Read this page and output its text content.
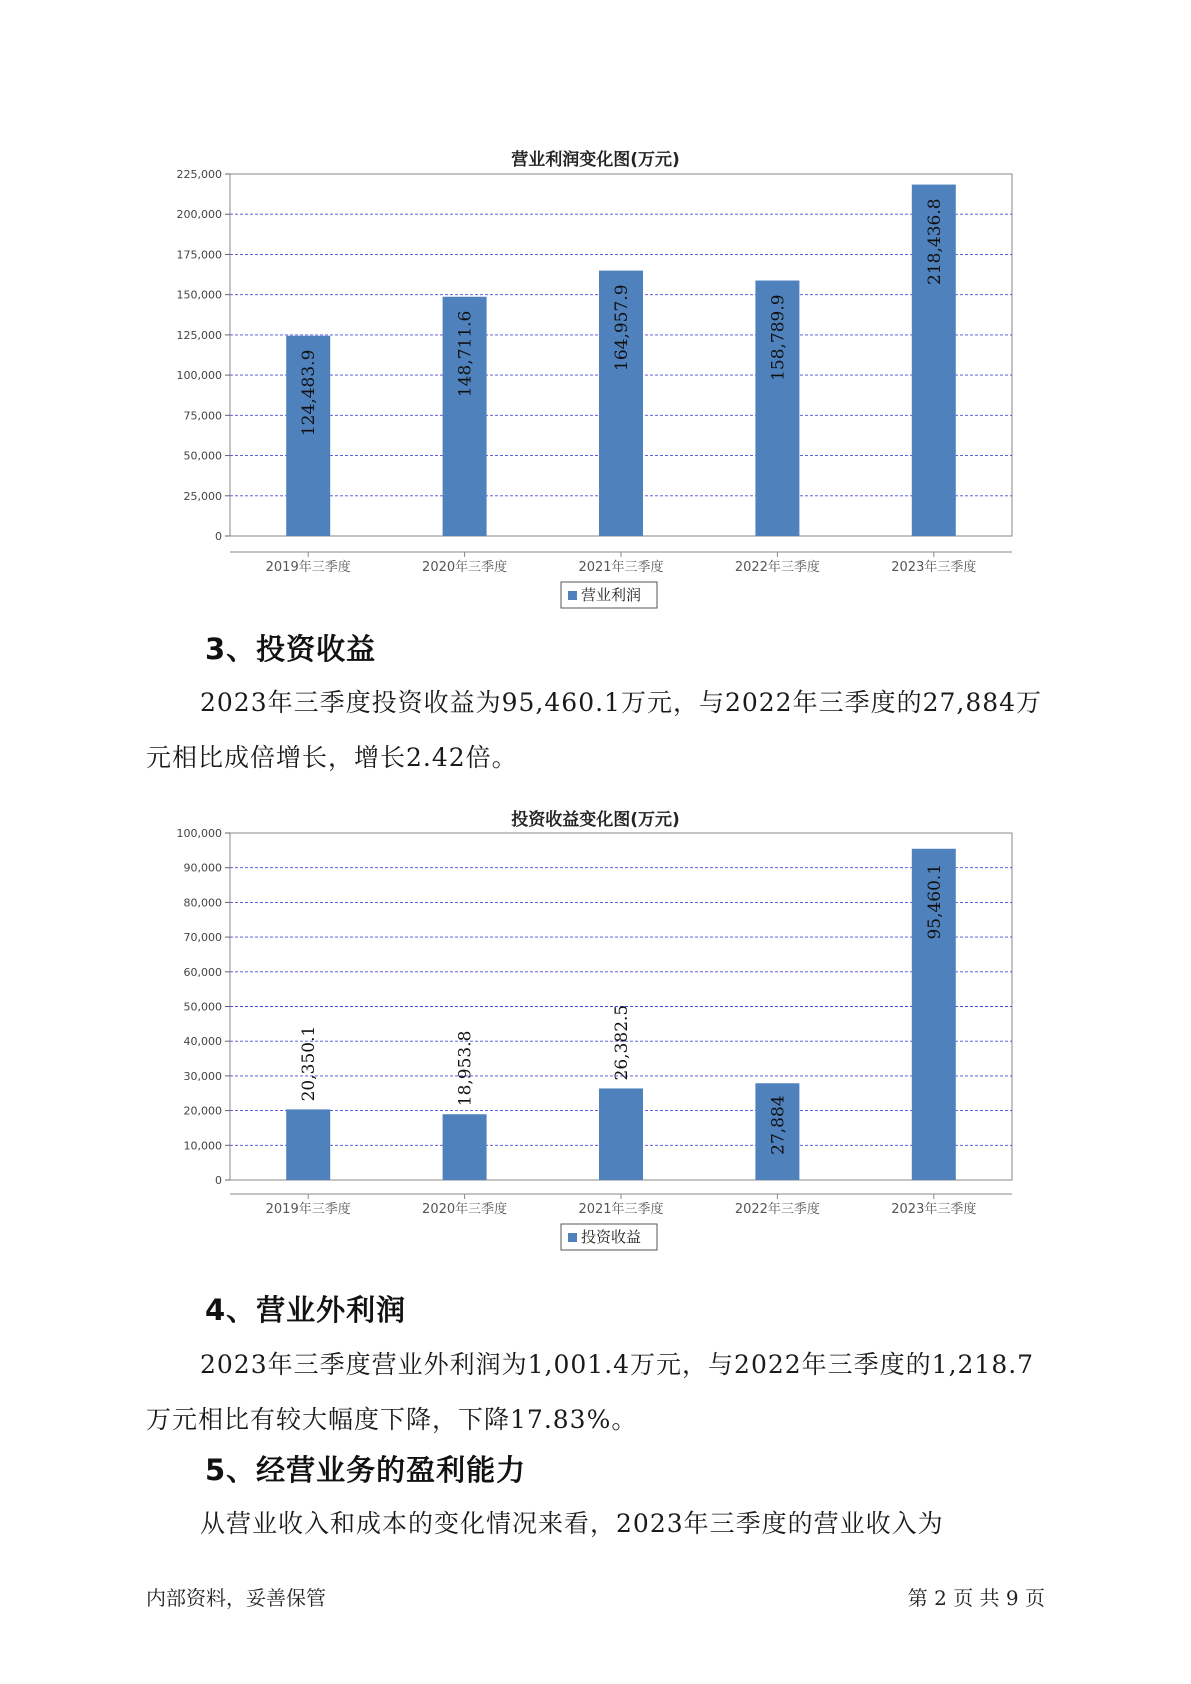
营业利润变化图(万元)
0
25,000
50,000
75,000
100,000
125,000
150,000
175,000
200,000
225,000
2019年三季度
124,483.9
2020年三季度
148,711.6
2021年三季度
164,957.9
2022年三季度
158,789.9
2023年三季度
218,436.8
营业利润
3、投资收益

2023年三季度投资收益为95,460.1万元，与2022年三季度的27,884万
元相比成倍增长，增长2.42倍。

投资收益变化图(万元)
0
10,000
20,000
30,000
40,000
50,000
60,000
70,000
80,000
90,000
100,000
2019年三季度
20,350.1
2020年三季度
18,953.8
2021年三季度
26,382.5
2022年三季度
27,884
2023年三季度
95,460.1
投资收益
4、营业外利润

2023年三季度营业外利润为1,001.4万元，与2022年三季度的1,218.7
万元相比有较大幅度下降，下降17.83%。

5、经营业务的盈利能力

从营业收入和成本的变化情况来看，2023年三季度的营业收入为

内部资料，妥善保管	第 2 页 共 9 页
